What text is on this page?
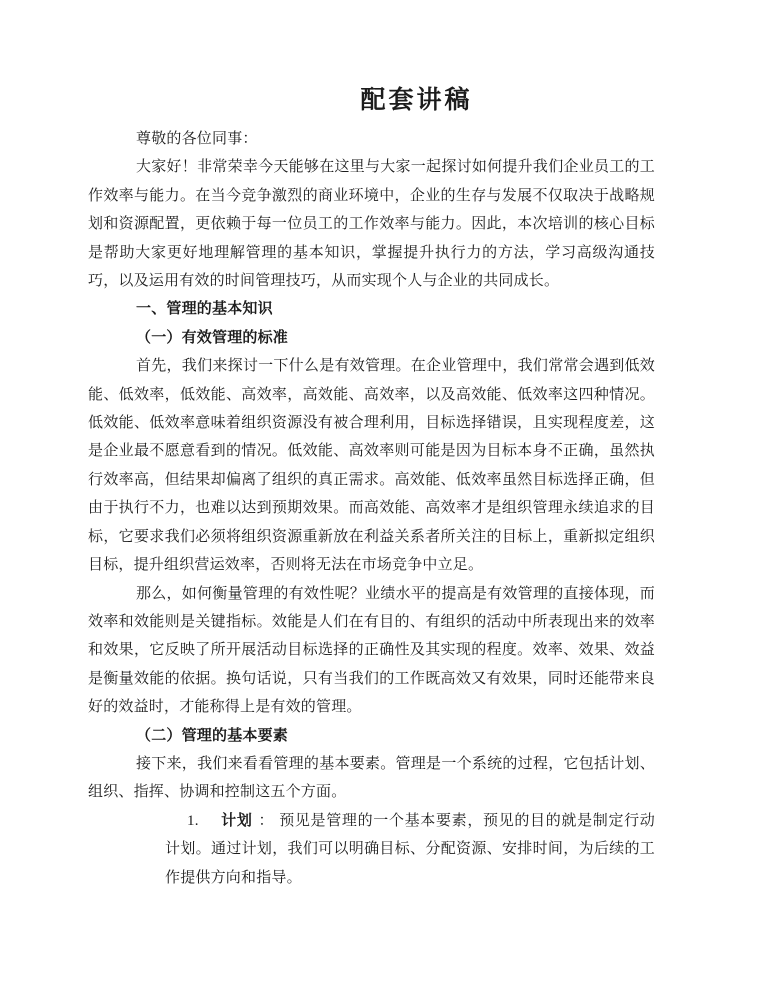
配套讲稿

尊敬的各位同事：

大家好！非常荣幸今天能够在这里与大家一起探讨如何提升我们企业员工的工作效率与能力。在当今竞争激烈的商业环境中，企业的生存与发展不仅取决于战略规划和资源配置，更依赖于每一位员工的工作效率与能力。因此，本次培训的核心目标是帮助大家更好地理解管理的基本知识，掌握提升执行力的方法，学习高级沟通技巧，以及运用有效的时间管理技巧，从而实现个人与企业的共同成长。

一、管理的基本知识

（一）有效管理的标准

首先，我们来探讨一下什么是有效管理。在企业管理中，我们常常会遇到低效能、低效率，低效能、高效率，高效能、高效率，以及高效能、低效率这四种情况。低效能、低效率意味着组织资源没有被合理利用，目标选择错误，且实现程度差，这是企业最不愿意看到的情况。低效能、高效率则可能是因为目标本身不正确，虽然执行效率高，但结果却偏离了组织的真正需求。高效能、低效率虽然目标选择正确，但由于执行不力，也难以达到预期效果。而高效能、高效率才是组织管理永续追求的目标，它要求我们必须将组织资源重新放在利益关系者所关注的目标上，重新拟定组织目标，提升组织营运效率，否则将无法在市场竞争中立足。

那么，如何衡量管理的有效性呢？业绩水平的提高是有效管理的直接体现，而效率和效能则是关键指标。效能是人们在有目的、有组织的活动中所表现出来的效率和效果，它反映了所开展活动目标选择的正确性及其实现的程度。效率、效果、效益是衡量效能的依据。换句话说，只有当我们的工作既高效又有效果，同时还能带来良好的效益时，才能称得上是有效的管理。

（二）管理的基本要素

接下来，我们来看看管理的基本要素。管理是一个系统的过程，它包括计划、组织、指挥、协调和控制这五个方面。

1. 计划 ： 预见是管理的一个基本要素，预见的目的就是制定行动计划。通过计划，我们可以明确目标、分配资源、安排时间，为后续的工作提供方向和指导。
